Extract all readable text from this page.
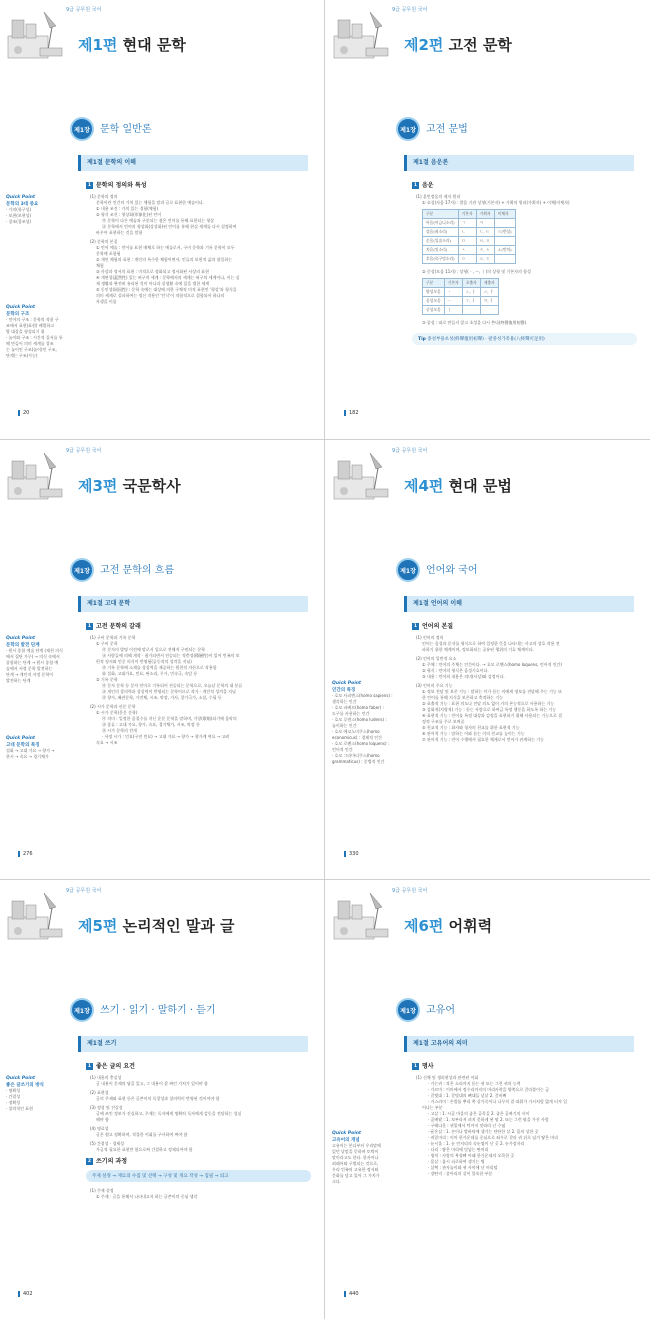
9급 공무원 국어
제1편 현대 문학
제1장	문학 일반론
제1절 문학의 이해
Quick Point
문학의 3대 중요
· 가치(항구성)
· 보편(보편성)
· 창조(창조성)
Quick Point
문학의 구조
· 언어의 구조 : 문학의 작품 구
조에서 표현(표현) 배열하고
방 대상을 형성되기 위
· 놀이와 구조 : 시간적 질서를 통
해 만들어 의미 세계를 창조
는 놀이인 구조(놀이)인 구조,
단계는 구조(가능)
1 문학의 정의와 특성
(1) 문학의 정의
문학이란 인간의 가치 있는 체험을 말과 글로 표현한 예술이다.
① 내용 조건 : 가치 있는 경험(체험)
② 형식 조건 : 형상화(形象化)된 언어
㉮ 문학이 다른 예술과 구분되는 점은 언어를 통해 표현되는 형상
㉯ 문학에서 언어의 형상화(상상화)된 언어를 통해 현실 세계를 다시 설정하여
바우어 표현하는 것을 말함
(2) 문학의 본질
① 언어 예술 : 언어를 표현 매체로 하는 예술로서, 구비 문학과 기록 문학이 모두
문학에 포함됨
② 개인 체험의 표현 : 개인의 특수한 체험이면서, 인류의 보편적 삶과 합일하는
체험
③ 사상과 정서의 표현 : 미적으로 정화되고 정서화된 사상의 표현
④ 개연성(蓋然性) 있는 허구의 세계 : 문학에서의 세계는 허구의 세계이나, 이는 실
제 생활과 완전히 유리된 것이 아니라 실생활 속에 있을 법한 세계
⑤ 동인성(同因性) : 문학 속에는 대상에 의한 구체적 미적 표현인 '형상'과 형식을
의미 세계로 설파하여는 정신 작용인 '인식'이 적합적으로 결합되어 하나의
자생을 이룸
20
9급 공무원 국어
제2편 고전 문학
제1장	고전 문법
제1절 음운론
1 음운
(1) 훈민정음의 제자 원리
① 초성(자음 17자) : 발음 기관 상형(기본자) + 가획의 원리(가획자) + 이체(이체자)
구분	기본자	가획자	이체자
아음(어금니소리)	ㄱ	ㅋ	
설음(혀소리)	ㄴ	ㄷ, ㅌ	ㄹ(반설)
순음(입술소리)	ㅁ	ㅂ, ㅍ	
치음(잇소리)	ㅅ	ㅈ, ㅊ	ㅿ(반치)
후음(목구멍소리)	ㅇ	ㆆ, ㅎ	
② 중성(모음 11자) : 상형(ㆍ, ㅡ, ㅣ)의 상형 및 기본자의 합성
구분	기본자	초출자	재출자
양성모음	ㆍ	ㅗ, ㅏ	ㅛ, ㅑ
음성모음	ㅡ	ㅜ, ㅓ	ㅠ, ㅕ
중성모음	ㅣ		
③ 종성 : 따로 만들지 않고 초성을 다시 쓴다(終聲復用初聲).
Tip 종성부용초성(終聲復用初聲) · 팔종성가족용(八終聲可足用)
182
9급 공무원 국어
제3편 국문학사
제1장	고전 문학의 흐름
제1절 고대 문학
Quick Point
문학의 발전 단계
· 원시 종합 예술 단계 (제천 의식
에서 집단 가무) → 의식 속에서
종합하는 단계 → 원시 종합 예
술에서 서정 문학 발전하는
단계 → 개인적 서정 문학이
발전하는 단계
Quick Point
고대 문학의 특징
설화 → 고대 가요 → 향가 →
한시 → 속요 → 경기체가
1 고전 문학의 갈래
(1) 구비 문학과 기록 문학
① 구비 문학
㉮ 문자의 발명 이전에 말로서 입으로 전해져 구연되는 문학
㉯ 사람들에 의해 개작 · 첨가되면서 전승되는 적층성(積層性)이 있어 민족의 보
편적 정서와 민중 의식이 반영됨(공동작의 성격을 지님)
㉰ 기록 문학에 소재를 상상력을 제공하는 원천적 자산으로 작용함
㉱ 설화, 고대가요, 민요, 판소리, 무가, 민속극, 속담 등
② 기록 문학
㉮ 문자 문학 등 문자 언어로 기록되어 전승되는 문학으로, 오늘날 문학의 대 분류
㉯ 개인의 창의력과 상상력이 반영되는 문학이므로 작가 · 개인적 성격을 지님
㉰ 향가, 패관문학, 가전체, 시조, 악장, 가사, 창가극가, 소설, 수필 등
(2) 시가 문학과 산문 문학
① 시가 문학(운문 문학)
㉮ 의미 : 일정한 음절수를 지닌 운문 문학을 말하며, 가창(歌唱)되기에 음악의
㉯ 종류 : 고대 가요, 향가, 속요, 경기체가, 시조, 악장 등
㉰ 시가 문학의 전개
· 서정 시가 : 민요(구전 민요) → 고대 가요 → 향가 → 향가계 여요 → 고려
속요 → 시조
276
9급 공무원 국어
제4편 현대 문법
제1장	언어와 국어
제1절 언어의 이해
Quick Point
인간의 특징
· 호모 사피엔스(homo sapiens) :
생각하는 인간
· 호모 파베르(homo faber) :
도구를 사용하는 인간
· 호모 루덴스(homo ludens) :
놀이하는 인간
· 호모 에코노미쿠스(homo
economicus) : 경제적 인간
· 호모 로퀜스(homo loquens) :
언어적 인간
· 호모 그라마티쿠스(homo
grammaticus) : 문법적 인간
1 언어의 본질
(1) 언어의 정의
언어는 음성과 문자를 형식으로 하여 일정한 뜻을 나타내는 사고의 상호 작용 전
파하기 위한 체계이며, 정보화되는 공유된 행위의 기호 체계이다.
(2) 언어의 일반적 요소
① 주체 : 언어의 주체는 인간이다. → 호모 로퀜스(homo loquens, 언어적 인간)
② 형식 : 언어의 형식은 음성기호이다.
③ 내용 : 언어의 내용은 의미(사상)와 감정이다.
(3) 언어의 주요 기능
① 정보 전달 및 보존 기능 : 말하는 이가 듣는 이에게 정보를 전달해 주는 기능 또
한 언어를 통해 지식을 보존하고 축적하는 기능
② 표출적 기능 : 표현 의도나 전달 의도 없이 거의 본능적으로 사용하는 기능
③ 감화적(지령적) 기능 : 듣는 사람으로 하여금 특정 행동을 하도록 하는 기능
④ 표현적 기능 : 언어를 특정 대상과 감정을 표현하기 위해 사용되는 기능으로 결
정적 구조를 주로 보여줌
⑤ 친교적 기능 : 화자와 청자의 친교를 위한 표현적 기능
⑥ 관어적 기능 : 말하는 이와 듣는 이의 친교를 높이는 기능
⑦ 관어적 기능 : 언어 수행에서 필요한 체계로서 언어가 관계하는 기능
330
9급 공무원 국어
제5편 논리적인 말과 글
제1장	쓰기 · 읽기 · 말하기 · 듣기
제1절 쓰기
Quick Point
좋은 글쓰기의 방식
· 명확성
· 간결성
· 정확성
· 창의적인 표현
1 좋은 글의 요건
(1) 내용의 충실성
글 내용이 문제의 답을 있고, 그 내용이 잘 짜인 가치가 있어야 함
(2) 표현성
글의 주제와 표현 등은 글쓴이의 독창성과 창의력이 반영된 것이어야 함
(3) 정성 및 진실성
글에 쓰인 정보가 진실하고, 주제는 독자에게 명확히 독자에게 감동을 전달하는 성실
해야 함
(4) 명료성
글은 쉽고 정확하며, 적절한 어휘를 구사하여 써야 함
(5) 간결성 · 경제성
가급적 필요한 표현만 함으로써 간결하고 정제되어야 함
2 쓰기의 과정
주제 설정 → 재료의 수집 및 선택 → 구성 및 개요 작성 → 집필 → 퇴고
(1) 주제 설정
① 주제 : 글을 통해서 나타내고자 하는 글쓴이의 중심 생각
402
9급 공무원 국어
제6편 어휘력
제1장	고유어
제1절 고유어의 의미
Quick Point
고유어의 개념
고유어는 본디부터 우리말에
있던 낱말을 뜻하며 토박이
말이라고도 한다. 한자어나
외래어와 구별되는 것으로,
우리 민족의 고유한 정서와
문화를 담고 있어 그 가치가
크다.
1 명사
(1) 신체 및 생리현상과 관련된 어휘
· 가는귀 : 작은 소리까지 듣는 귀 또는 그런 귀의 능력
· 가르마 : 이마에서 정수리까지의 머리카락을 양쪽으로 갈라붙이는 금
· 갈빗대 : 1. 갈빗대의 뼈대들 낱낱 2. 갈비뼈
· 거스러미 : 손발톱 뿌리 쪽 살가죽이나 나무의 결 따위가 가시처럼 얇게 터져 일
어나는 부분
· 고샅 : 1. 시골 마을의 좁은 골목길 2. 좁은 골짜기의 사이
· 곰배팔 : 1. 꼬부라져 펴지 못하게 된 팔 2. 또는 그런 팔을 가진 사람
· 구레나룻 : 귀밑에서 턱까지 잇따라 난 수염
· 굳은살 : 1. 손이나 발바닥에 생기는 단단한 살 2. 몸의 상한 곳
· 귀밑머리 : 이마 한가운데를 중심으로 좌우로 갈라 귀 뒤로 넘겨 땋은 머리
· 눈시울 : 1. 눈 언저리의 속눈썹이 난 곳 2. 눈가장자리
· 다리 : 땋은 머리에 덧넣는 딴머리
· 명치 : 사람의 복장뼈 아래 한가운데의 오목한 곳
· 몸살 : 몹시 피로하여 생기는 병
· 살쩍 : 관자놀이와 귀 사이에 난 머리털
· 장딴지 : 종아리의 살이 불룩한 부분
440
